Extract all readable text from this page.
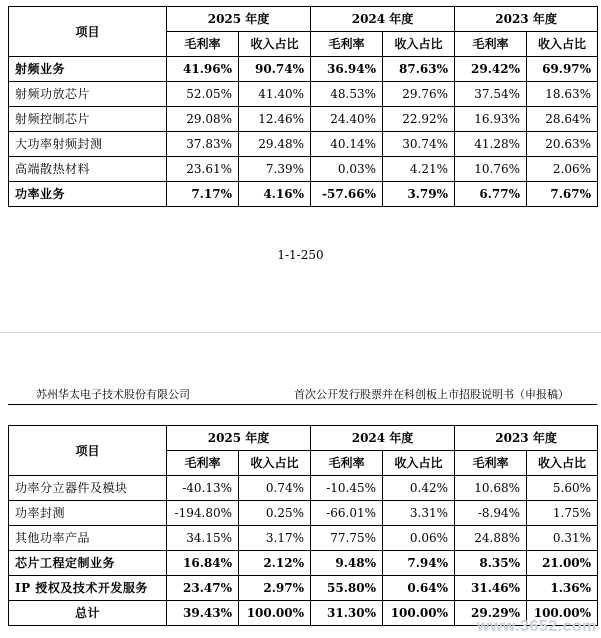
项目	2025 年度		2024 年度		2023 年度	
	毛利率	收入占比	毛利率	收入占比	毛利率	收入占比
射频业务	41.96%	90.74%	36.94%	87.63%	29.42%	69.97%
射频功放芯片	52.05%	41.40%	48.53%	29.76%	37.54%	18.63%
射频控制芯片	29.08%	12.46%	24.40%	22.92%	16.93%	28.64%
大功率射频封测	37.83%	29.48%	40.14%	30.74%	41.28%	20.63%
高端散热材料	23.61%	7.39%	0.03%	4.21%	10.76%	2.06%
功率业务	7.17%	4.16%	-57.66%	3.79%	6.77%	7.67%
1-1-250
苏州华太电子技术股份有限公司	首次公开发行股票并在科创板上市招股说明书（申报稿）
项目	2025 年度		2024 年度		2023 年度	
	毛利率	收入占比	毛利率	收入占比	毛利率	收入占比
功率分立器件及模块	-40.13%	0.74%	-10.45%	0.42%	10.68%	5.60%
功率封测	-194.80%	0.25%	-66.01%	3.31%	-8.94%	1.75%
其他功率产品	34.15%	3.17%	77.75%	0.06%	24.88%	0.31%
芯片工程定制业务	16.84%	2.12%	9.48%	7.94%	8.35%	21.00%
IP 授权及技术开发服务	23.47%	2.97%	55.80%	0.64%	31.46%	1.36%
总计	39.43%	100.00%	31.30%	100.00%	29.29%	100.00%
www.3652.com
